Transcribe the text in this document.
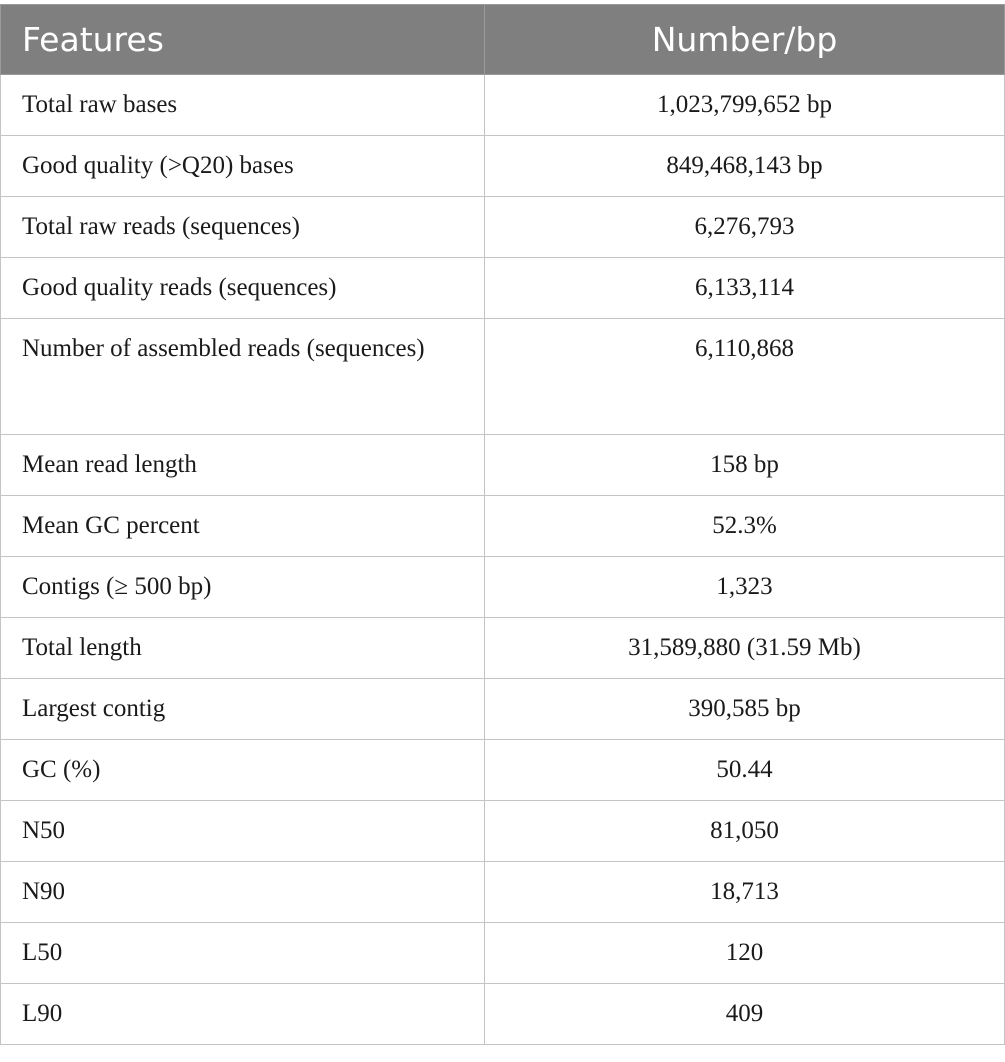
Features	Number/bp
Total raw bases	1,023,799,652 bp
Good quality (>Q20) bases	849,468,143 bp
Total raw reads (sequences)	6,276,793
Good quality reads (sequences)	6,133,114
Number of assembled reads (sequences)	6,110,868
Mean read length	158 bp
Mean GC percent	52.3%
Contigs (≥ 500 bp)	1,323
Total length	31,589,880 (31.59 Mb)
Largest contig	390,585 bp
GC (%)	50.44
N50	81,050
N90	18,713
L50	120
L90	409
